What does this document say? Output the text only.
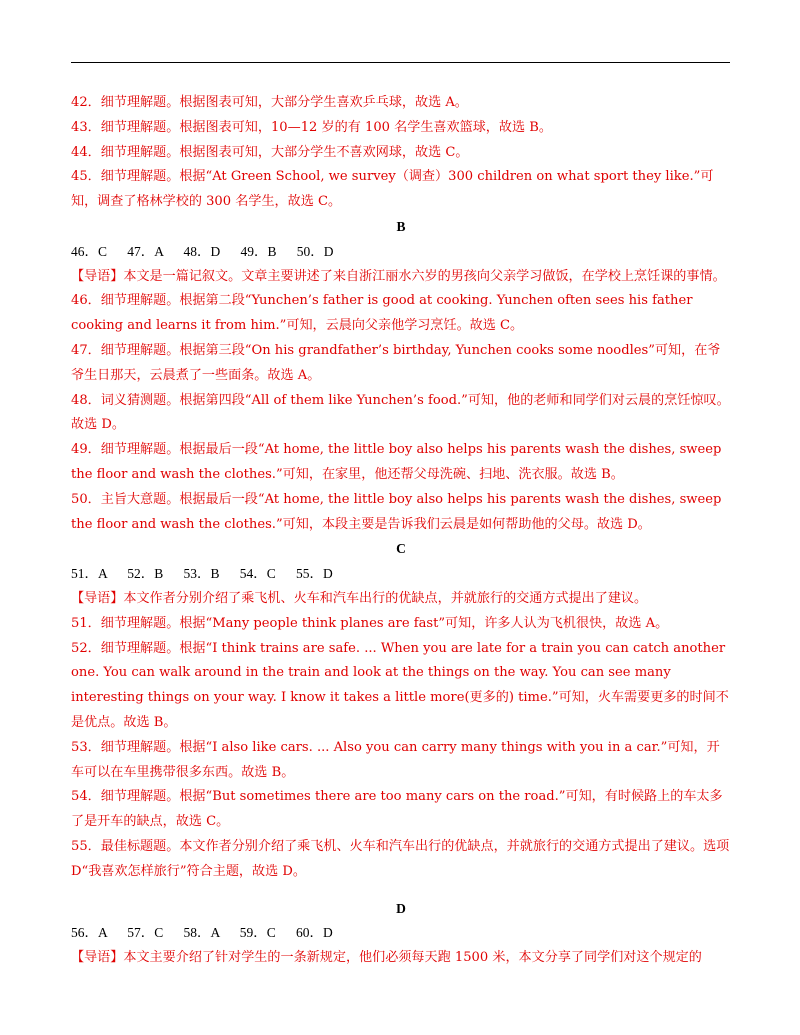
42．细节理解题。根据图表可知，大部分学生喜欢乒乓球，故选 A。

43．细节理解题。根据图表可知，10—12 岁的有 100 名学生喜欢篮球，故选 B。

44．细节理解题。根据图表可知，大部分学生不喜欢网球，故选 C。

45．细节理解题。根据“At Green School, we survey（调查）300 children on what sport they like.”可知，调查了格林学校的 300 名学生，故选 C。

B

46．C      47．A      48．D      49．B      50．D

【导语】本文是一篇记叙文。文章主要讲述了来自浙江丽水六岁的男孩向父亲学习做饭，在学校上烹饪课的事情。

46．细节理解题。根据第二段“Yunchen’s father is good at cooking. Yunchen often sees his father cooking and learns it from him.”可知，云晨向父亲他学习烹饪。故选 C。

47．细节理解题。根据第三段“On his grandfather’s birthday, Yunchen cooks some noodles”可知，在爷爷生日那天，云晨煮了一些面条。故选 A。

48．词义猜测题。根据第四段“All of them like Yunchen’s food.”可知，他的老师和同学们对云晨的烹饪惊叹。故选 D。

49．细节理解题。根据最后一段“At home, the little boy also helps his parents wash the dishes, sweep the floor and wash the clothes.”可知，在家里，他还帮父母洗碗、扫地、洗衣服。故选 B。

50．主旨大意题。根据最后一段“At home, the little boy also helps his parents wash the dishes, sweep the floor and wash the clothes.”可知，本段主要是告诉我们云晨是如何帮助他的父母。故选 D。

C

51．A      52．B      53．B      54．C      55．D

【导语】本文作者分别介绍了乘飞机、火车和汽车出行的优缺点，并就旅行的交通方式提出了建议。

51．细节理解题。根据“Many people think planes are fast”可知，许多人认为飞机很快，故选 A。

52．细节理解题。根据“I think trains are safe. ... When you are late for a train you can catch another one. You can walk around in the train and look at the things on the way. You can see many interesting things on your way. I know it takes a little more(更多的) time.”可知，火车需要更多的时间不是优点。故选 B。

53．细节理解题。根据“I also like cars. ... Also you can carry many things with you in a car.”可知，开车可以在车里携带很多东西。故选 B。

54．细节理解题。根据“But sometimes there are too many cars on the road.”可知，有时候路上的车太多了是开车的缺点，故选 C。

55．最佳标题题。本文作者分别介绍了乘飞机、火车和汽车出行的优缺点，并就旅行的交通方式提出了建议。选项 D“我喜欢怎样旅行”符合主题，故选 D。

D

56．A      57．C      58．A      59．C      60．D

【导语】本文主要介绍了针对学生的一条新规定，他们必须每天跑 1500 米，本文分享了同学们对这个规定的
